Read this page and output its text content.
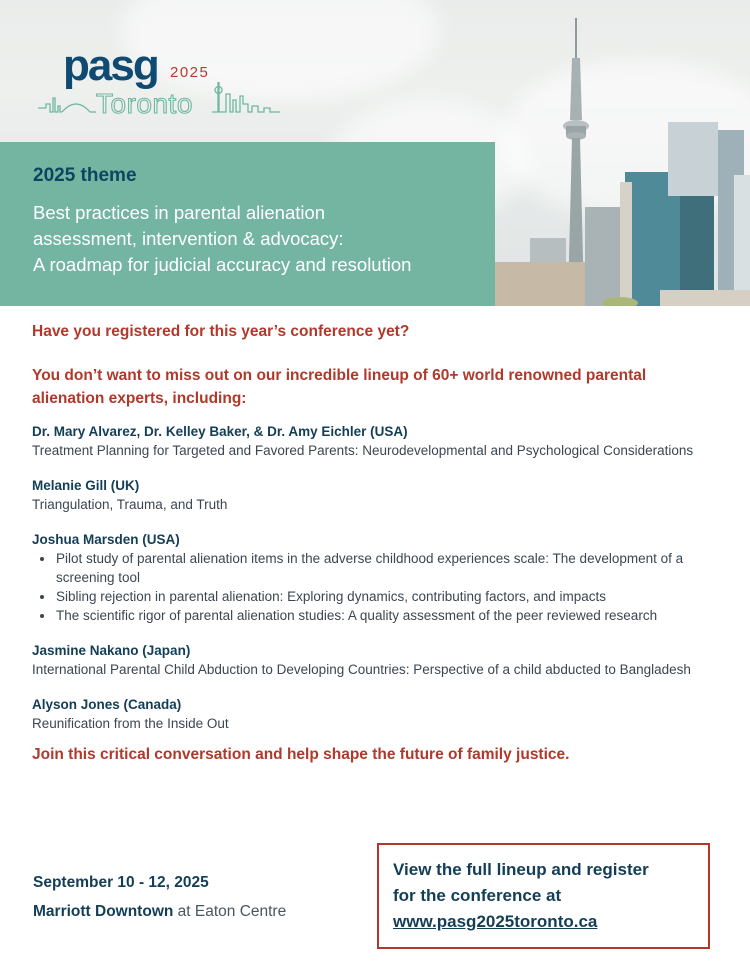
pasg 2025
Toronto
2025 theme
Best practices in parental alienation
assessment, intervention & advocacy:
A roadmap for judicial accuracy and resolution
Have you registered for this year’s conference yet?
You don’t want to miss out on our incredible lineup of 60+ world renowned parental alienation experts, including:
Dr. Mary Alvarez, Dr. Kelley Baker, & Dr. Amy Eichler (USA)
Treatment Planning for Targeted and Favored Parents: Neurodevelopmental and Psychological Considerations
Melanie Gill (UK)
Triangulation, Trauma, and Truth
Joshua Marsden (USA)
Pilot study of parental alienation items in the adverse childhood experiences scale: The development of a screening tool
Sibling rejection in parental alienation: Exploring dynamics, contributing factors, and impacts
The scientific rigor of parental alienation studies: A quality assessment of the peer reviewed research
Jasmine Nakano (Japan)
International Parental Child Abduction to Developing Countries: Perspective of a child abducted to Bangladesh
Alyson Jones (Canada)
Reunification from the Inside Out
Join this critical conversation and help shape the future of family justice.
September 10 - 12, 2025
Marriott Downtown at Eaton Centre
View the full lineup and register
for the conference at
www.pasg2025toronto.ca
